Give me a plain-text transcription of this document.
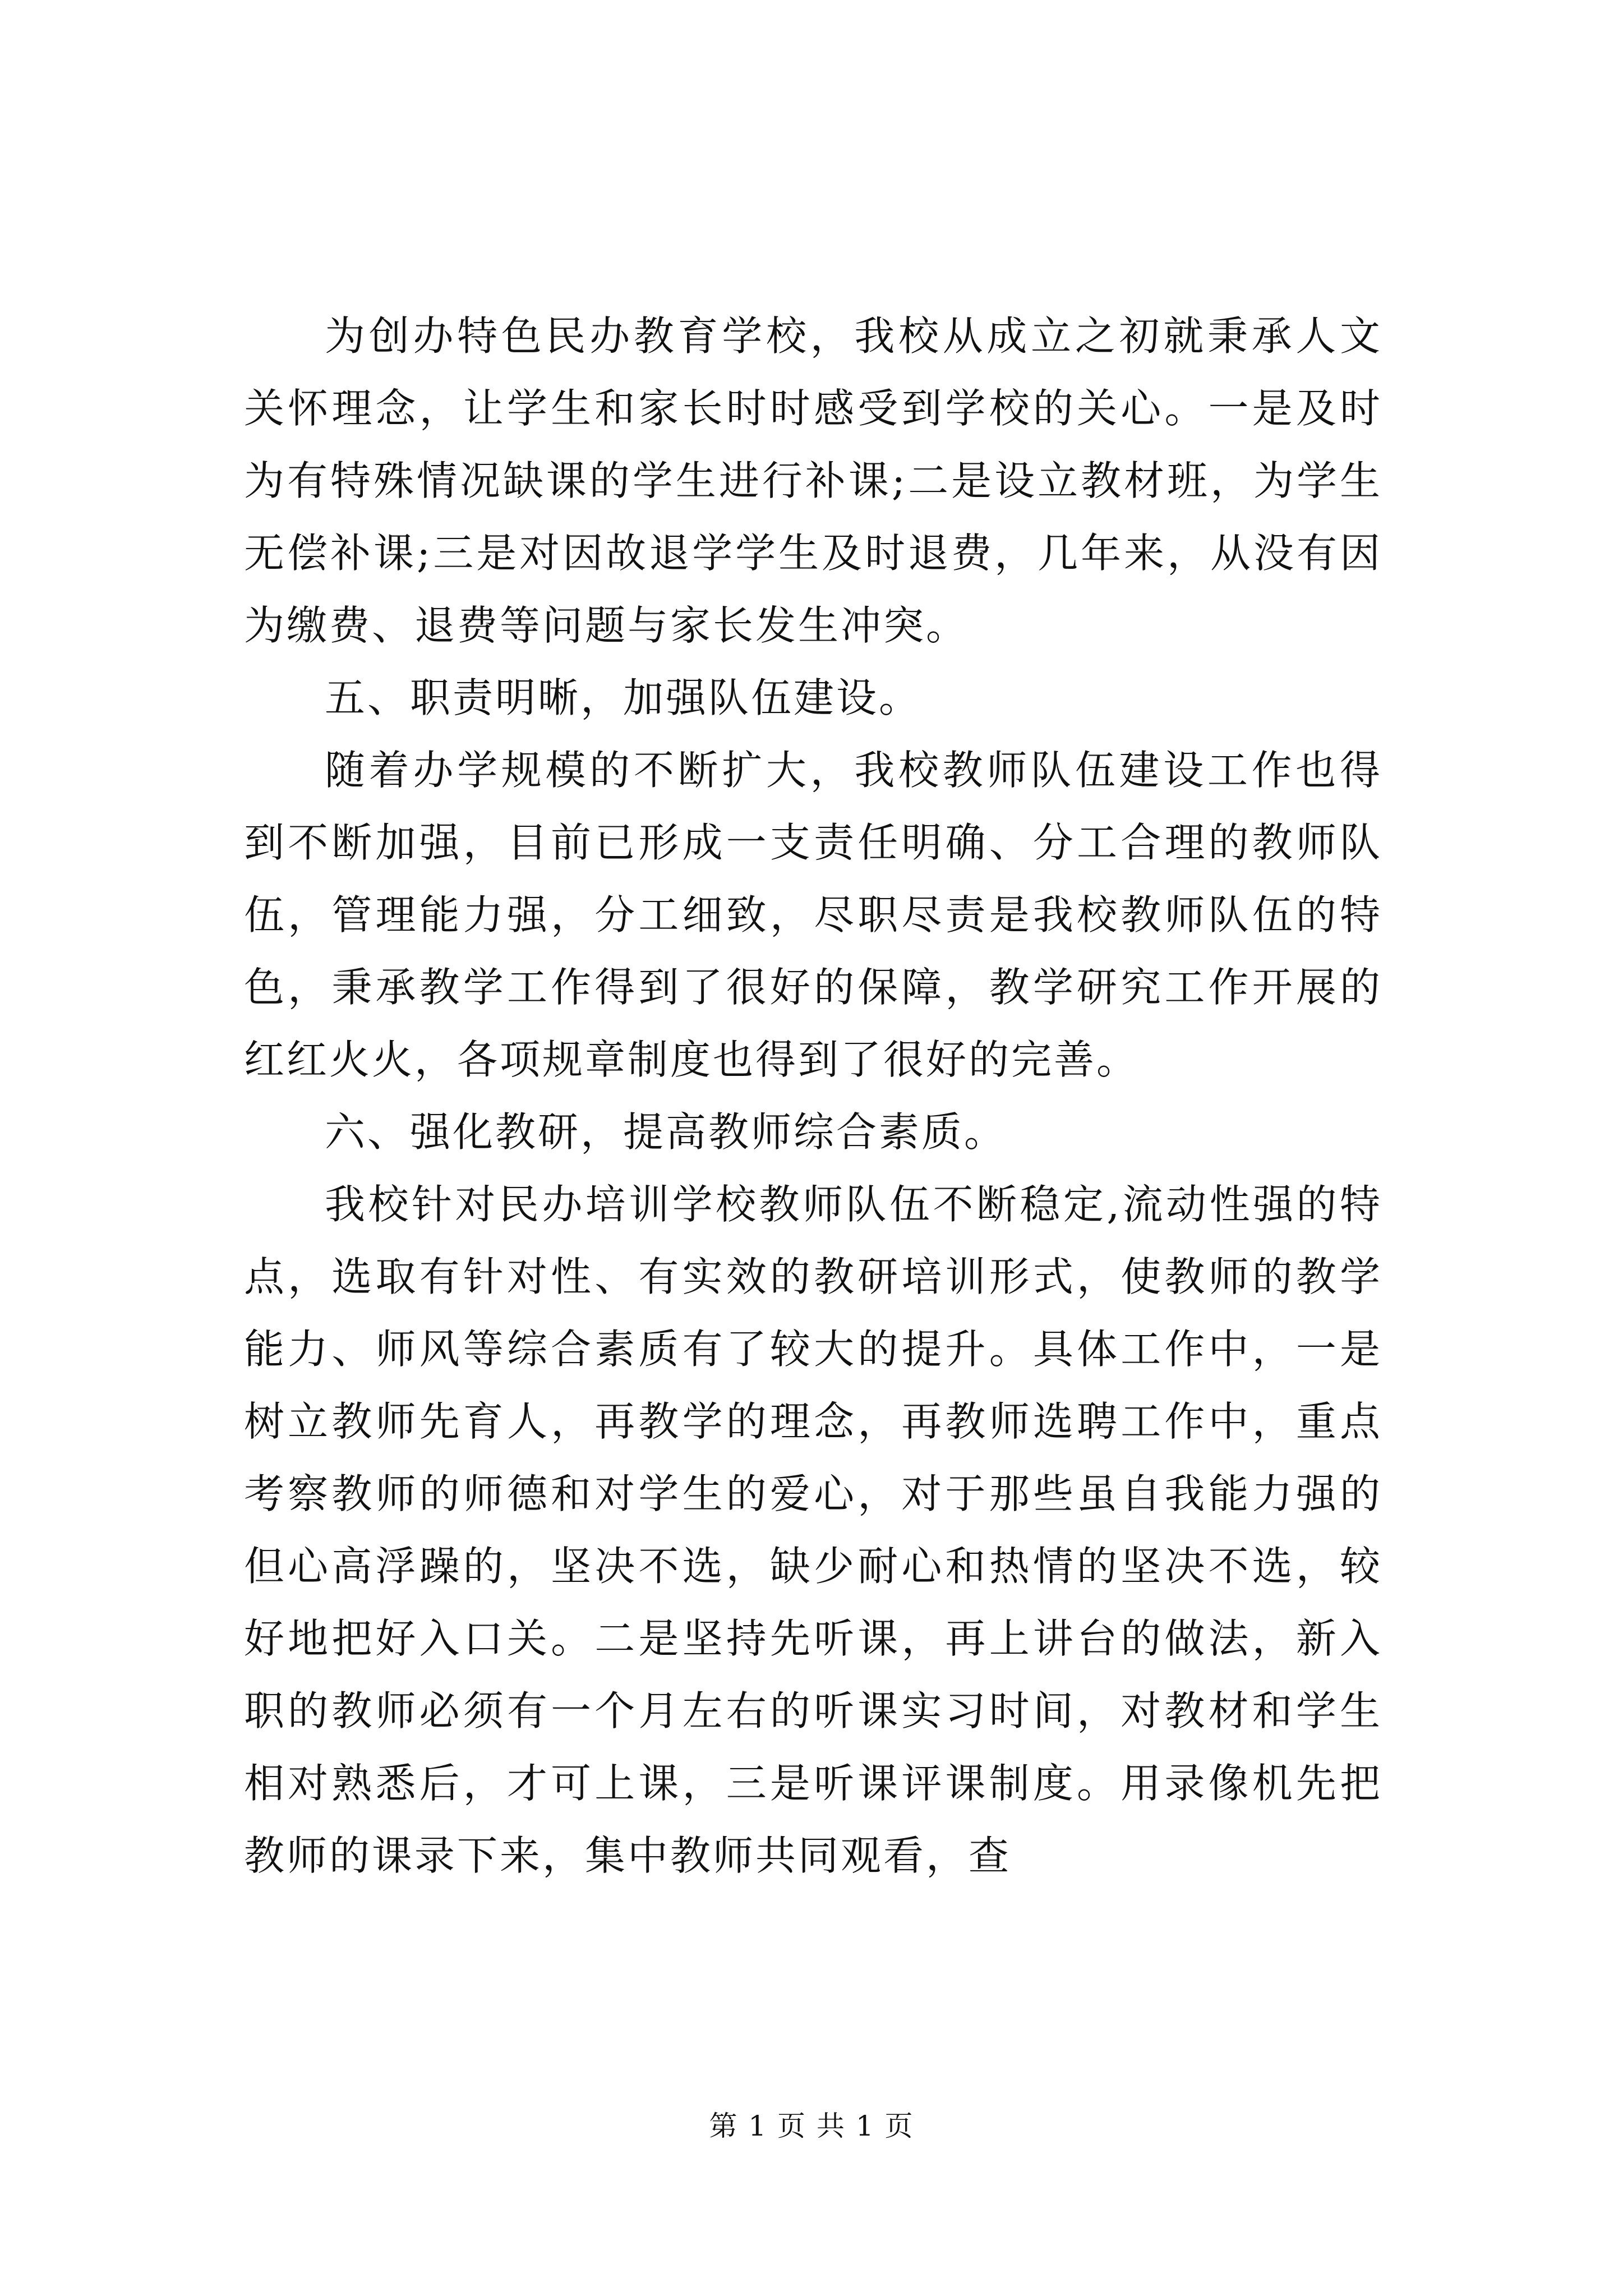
为创办特色民办教育学校，我校从成立之初就秉承人文关怀理念，让学生和家长时时感受到学校的关心。一是及时为有特殊情况缺课的学生进行补课;二是设立教材班，为学生无偿补课;三是对因故退学学生及时退费，几年来，从没有因为缴费、退费等问题与家长发生冲突。

五、职责明晰，加强队伍建设。

随着办学规模的不断扩大，我校教师队伍建设工作也得到不断加强，目前已形成一支责任明确、分工合理的教师队伍，管理能力强，分工细致，尽职尽责是我校教师队伍的特色，秉承教学工作得到了很好的保障，教学研究工作开展的红红火火，各项规章制度也得到了很好的完善。

六、强化教研，提高教师综合素质。

我校针对民办培训学校教师队伍不断稳定,流动性强的特点，选取有针对性、有实效的教研培训形式，使教师的教学能力、师风等综合素质有了较大的提升。具体工作中，一是树立教师先育人，再教学的理念，再教师选聘工作中，重点考察教师的师德和对学生的爱心，对于那些虽自我能力强的但心高浮躁的，坚决不选，缺少耐心和热情的坚决不选，较好地把好入口关。二是坚持先听课，再上讲台的做法，新入职的教师必须有一个月左右的听课实习时间，对教材和学生相对熟悉后，才可上课，三是听课评课制度。用录像机先把教师的课录下来，集中教师共同观看，查

第 1 页 共 1 页
